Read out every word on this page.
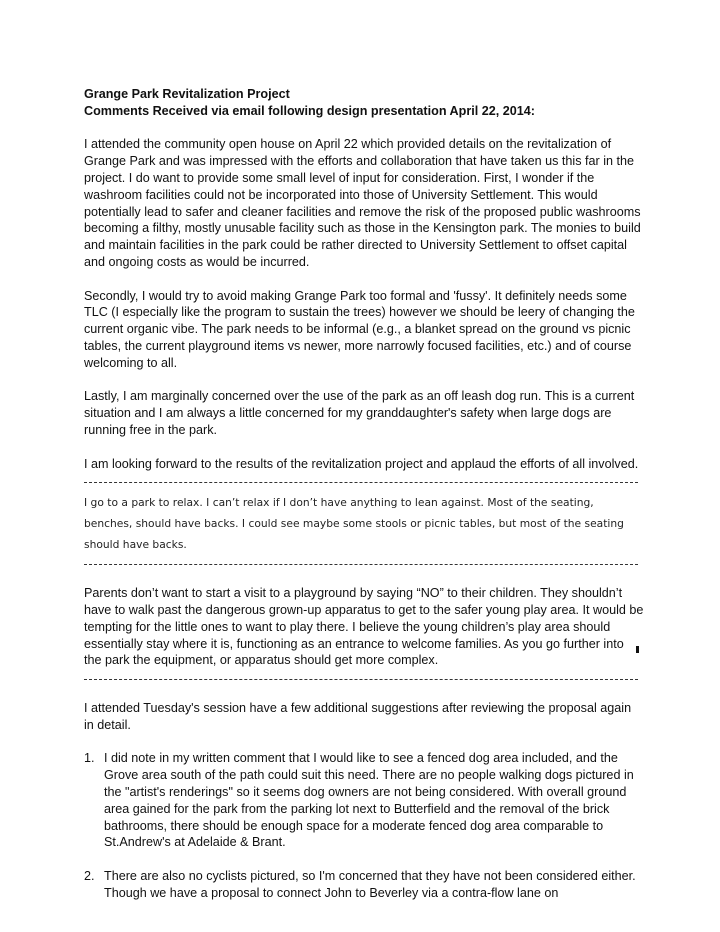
Grange Park Revitalization Project

Comments Received via email following design presentation April 22, 2014:

I attended the community open house on April 22 which provided details on the revitalization of Grange Park and was impressed with the efforts and collaboration that have taken us this far in the project. I do want to provide some small level of input for consideration. First, I wonder if the washroom facilities could not be incorporated into those of University Settlement. This would potentially lead to safer and cleaner facilities and remove the risk of the proposed public washrooms becoming a filthy, mostly unusable facility such as those in the Kensington park. The monies to build and maintain facilities in the park could be rather directed to University Settlement to offset capital and ongoing costs as would be incurred.

Secondly, I would try to avoid making Grange Park too formal and 'fussy'. It definitely needs some TLC (I especially like the program to sustain the trees) however we should be leery of changing the current organic vibe. The park needs to be informal (e.g., a blanket spread on the ground vs picnic tables, the current playground items vs newer, more narrowly focused facilities, etc.) and of course welcoming to all.

Lastly, I am marginally concerned over the use of the park as an off leash dog run. This is a current situation and I am always a little concerned for my granddaughter's safety when large dogs are running free in the park.

I am looking forward to the results of the revitalization project and applaud the efforts of all involved.

I go to a park to relax. I can’t relax if I don’t have anything to lean against. Most of the seating, benches, should have backs. I could see maybe some stools or picnic tables, but most of the seating should have backs.

Parents don’t want to start a visit to a playground by saying “NO” to their children. They shouldn’t have to walk past the dangerous grown-up apparatus to get to the safer young play area. It would be tempting for the little ones to want to play there. I believe the young children’s play area should essentially stay where it is, functioning as an entrance to welcome families. As you go further into the park the equipment, or apparatus should get more complex.

I attended Tuesday's session have a few additional suggestions after reviewing the proposal again in detail.

1. I did note in my written comment that I would like to see a fenced dog area included, and the Grove area south of the path could suit this need. There are no people walking dogs pictured in the "artist's renderings" so it seems dog owners are not being considered. With overall ground area gained for the park from the parking lot next to Butterfield and the removal of the brick bathrooms, there should be enough space for a moderate fenced dog area comparable to St.Andrew's at Adelaide & Brant.
2. There are also no cyclists pictured, so I'm concerned that they have not been considered either. Though we have a proposal to connect John to Beverley via a contra-flow lane on
